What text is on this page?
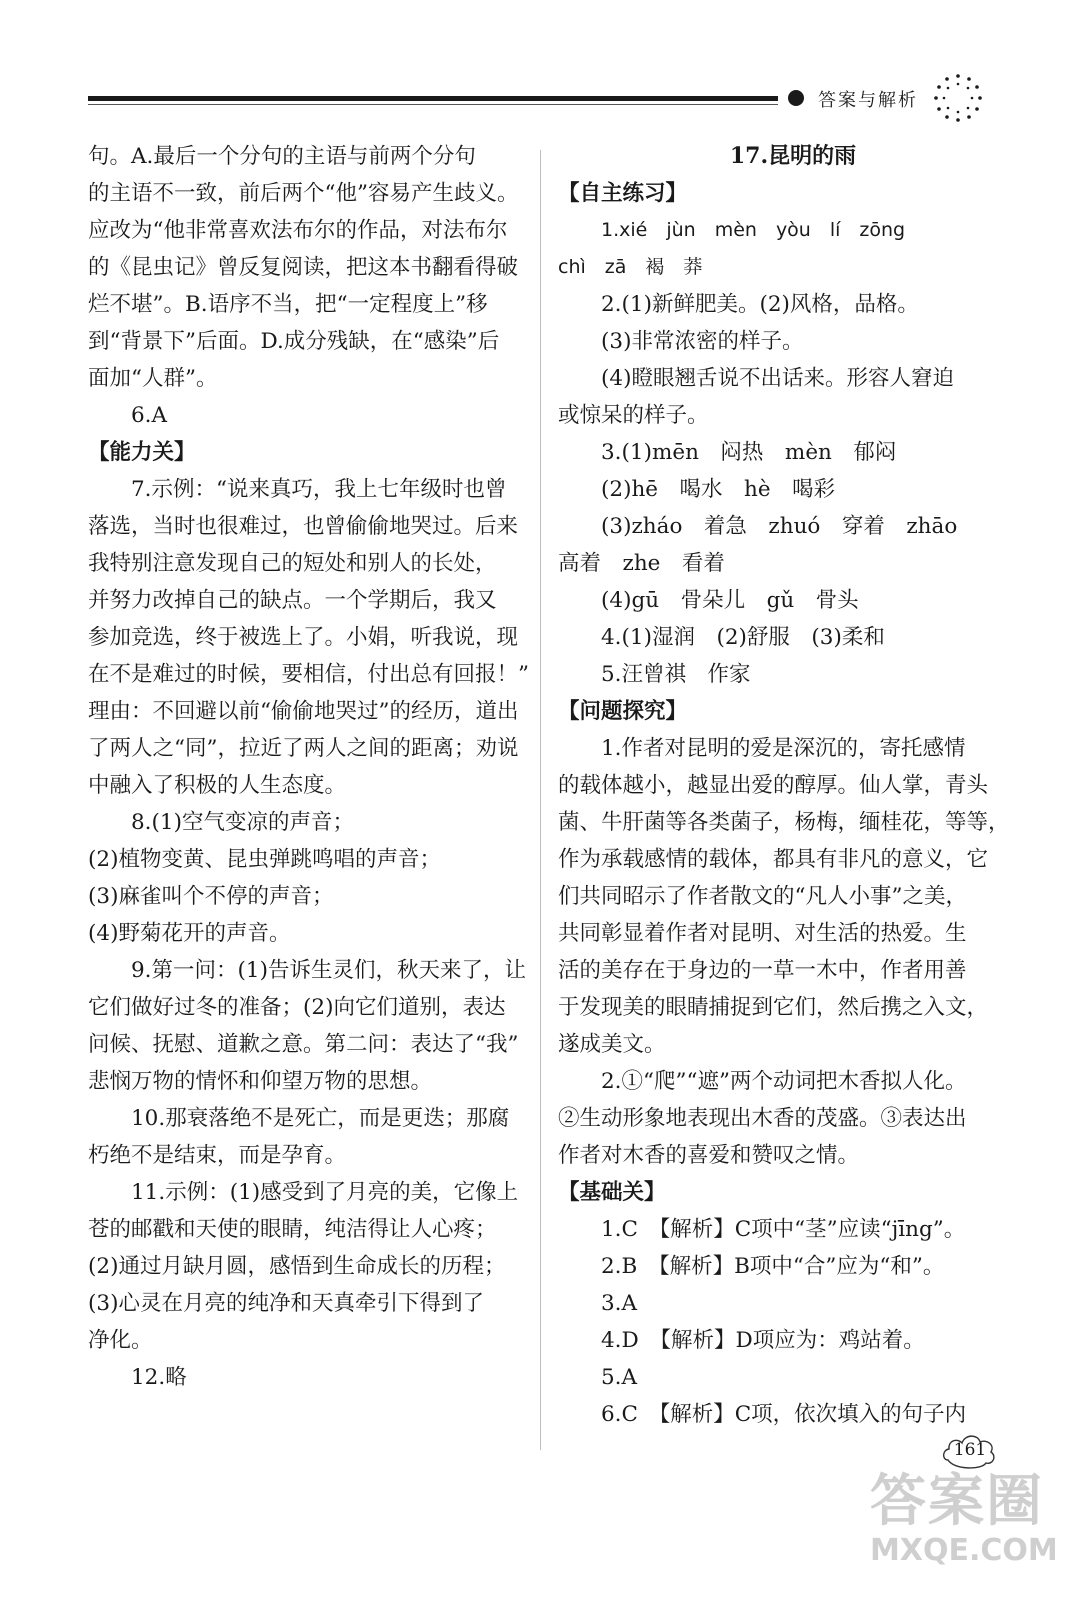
答案与解析

句。A.最后一个分句的主语与前两个分句

的主语不一致，前后两个“他”容易产生歧义。

应改为“他非常喜欢法布尔的作品，对法布尔

的《昆虫记》曾反复阅读，把这本书翻看得破

烂不堪”。B.语序不当，把“一定程度上”移

到“背景下”后面。D.成分残缺，在“感染”后

面加“人群”。

6.A

【能力关】

7.示例：“说来真巧，我上七年级时也曾

落选，当时也很难过，也曾偷偷地哭过。后来

我特别注意发现自己的短处和别人的长处，

并努力改掉自己的缺点。一个学期后，我又

参加竞选，终于被选上了。小娟，听我说，现

在不是难过的时候，要相信，付出总有回报！”

理由：不回避以前“偷偷地哭过”的经历，道出

了两人之“同”，拉近了两人之间的距离；劝说

中融入了积极的人生态度。

8.(1)空气变凉的声音；

(2)植物变黄、昆虫弹跳鸣唱的声音；

(3)麻雀叫个不停的声音；

(4)野菊花开的声音。

9.第一问：(1)告诉生灵们，秋天来了，让

它们做好过冬的准备；(2)向它们道别，表达

问候、抚慰、道歉之意。第二问：表达了“我”

悲悯万物的情怀和仰望万物的思想。

10.那衰落绝不是死亡，而是更迭；那腐

朽绝不是结束，而是孕育。

11.示例：(1)感受到了月亮的美，它像上

苍的邮戳和天使的眼睛，纯洁得让人心疼；

(2)通过月缺月圆，感悟到生命成长的历程；

(3)心灵在月亮的纯净和天真牵引下得到了

净化。

12.略

17.昆明的雨

【自主练习】

1.xié　jùn　mèn　yòu　lí　zōng

chì　zā　褐　莽

2.(1)新鲜肥美。(2)风格，品格。

(3)非常浓密的样子。

(4)瞪眼翘舌说不出话来。形容人窘迫

或惊呆的样子。

3.(1)mēn　闷热　mèn　郁闷

(2)hē　喝水　hè　喝彩

(3)zháo　着急　zhuó　穿着　zhāo

高着　zhe　看着

(4)gū　骨朵儿　gǔ　骨头

4.(1)湿润　(2)舒服　(3)柔和

5.汪曾祺　作家

【问题探究】

1.作者对昆明的爱是深沉的，寄托感情

的载体越小，越显出爱的醇厚。仙人掌，青头

菌、牛肝菌等各类菌子，杨梅，缅桂花，等等，

作为承载感情的载体，都具有非凡的意义，它

们共同昭示了作者散文的“凡人小事”之美，

共同彰显着作者对昆明、对生活的热爱。生

活的美存在于身边的一草一木中，作者用善

于发现美的眼睛捕捉到它们，然后携之入文，

遂成美文。

2.①“爬”“遮”两个动词把木香拟人化。

②生动形象地表现出木香的茂盛。③表达出

作者对木香的喜爱和赞叹之情。

【基础关】

1.C　【解析】C项中“茎”应读“jīng”。

2.B　【解析】B项中“合”应为“和”。

3.A

4.D　【解析】D项应为：鸡站着。

5.A

6.C　【解析】C项，依次填入的句子内

161
答案圈
MXQE.COM
